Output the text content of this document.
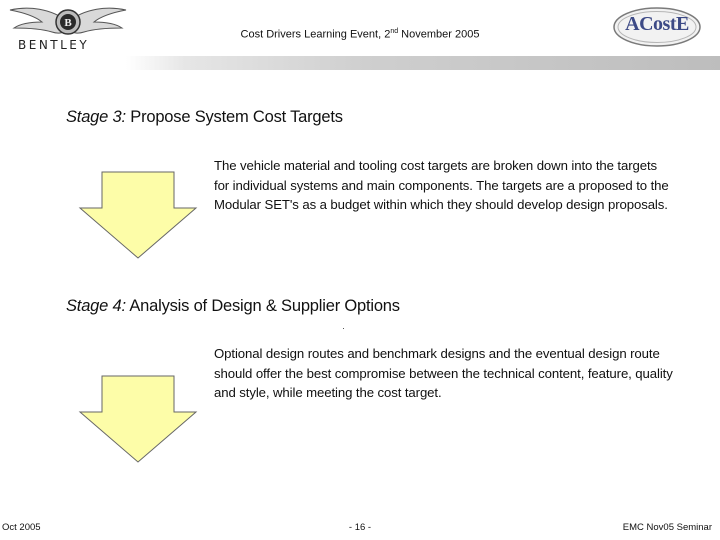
B
BENTLEY
Cost Drivers Learning Event, 2nd November 2005	ACostE
Stage 3: Propose System Cost Targets
The vehicle material and tooling cost targets are broken down into the targets for individual systems and main components. The targets are a proposed to the Modular SET's as a budget within which they should develop design proposals.
Stage 4: Analysis of Design & Supplier Options
Optional design routes and benchmark designs and the eventual design route should offer the best compromise between the technical content, feature, quality and style, while meeting the cost target.
Oct 2005	- 16 -	EMC Nov05 Seminar
